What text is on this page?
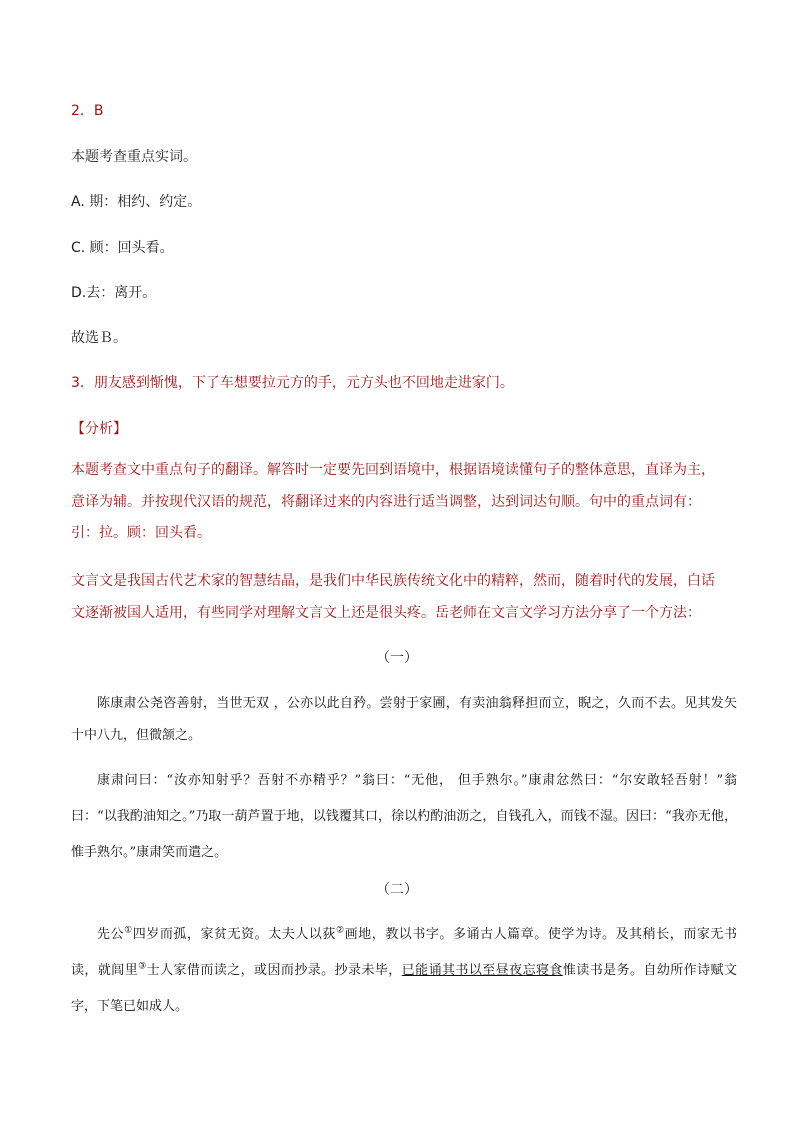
2．B
本题考查重点实词。
A. 期：相约、约定。
C. 顾：回头看。
D.去：离开。
故选Ｂ。
3．朋友感到惭愧，下了车想要拉元方的手，元方头也不回地走进家门。
【分析】
本题考查文中重点句子的翻译。解答时一定要先回到语境中，根据语境读懂句子的整体意思，直译为主，意译为辅。并按现代汉语的规范，将翻译过来的内容进行适当调整，达到词达句顺。句中的重点词有：引：拉。顾：回头看。
文言文是我国古代艺术家的智慧结晶，是我们中华民族传统文化中的精粹，然而，随着时代的发展，白话文逐渐被国人适用，有些同学对理解文言文上还是很头疼。岳老师在文言文学习方法分享了一个方法：
（一）

陈康肃公尧咨善射，当世无双 ，公亦以此自矜。尝射于家圃，有卖油翁释担而立，睨之，久而不去。见其发矢十中八九，但微颔之。

康肃问曰：“汝亦知射乎？吾射不亦精乎？”翁曰：“无他， 但手熟尔。”康肃忿然曰：“尔安敢轻吾射！”翁曰：“以我酌油知之。”乃取一葫芦置于地，以钱覆其口，徐以杓酌油沥之，自钱孔入，而钱不湿。因曰：“我亦无他， 惟手熟尔。”康肃笑而遣之。

（二）

先公①四岁而孤，家贫无资。太夫人以荻②画地，教以书字。多诵古人篇章。使学为诗。及其稍长，而家无书读，就闾里③士人家借而读之，或因而抄录。抄录未毕，已能诵其书以至昼夜忘寝食惟读书是务。自幼所作诗赋文字，下笔已如成人。
